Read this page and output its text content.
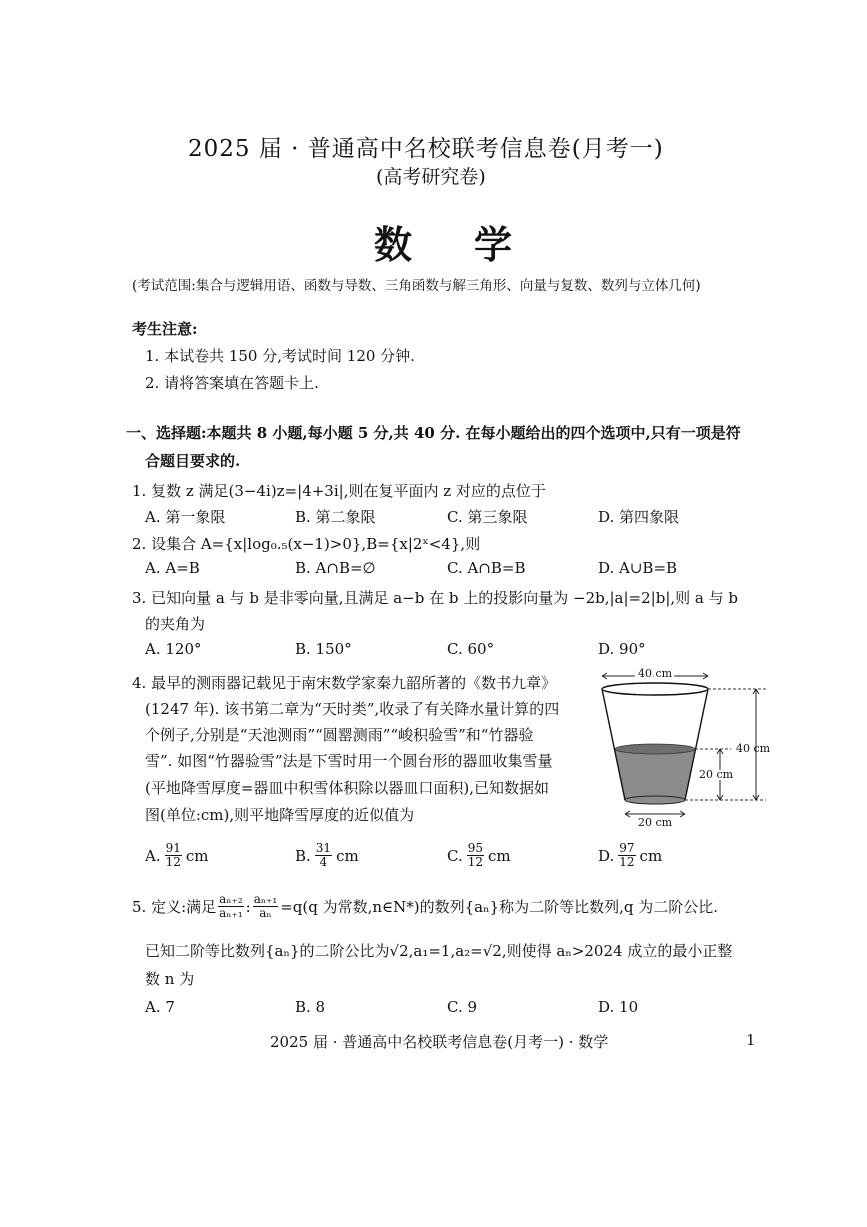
2025 届 · 普通高中名校联考信息卷(月考一)
(高考研究卷)
数学
(考试范围:集合与逻辑用语、函数与导数、三角函数与解三角形、向量与复数、数列与立体几何)
考生注意:
1. 本试卷共 150 分,考试时间 120 分钟.
2. 请将答案填在答题卡上.
一、选择题:本题共 8 小题,每小题 5 分,共 40 分. 在每小题给出的四个选项中,只有一项是符
合题目要求的.
1. 复数 z 满足(3−4i)z=|4+3i|,则在复平面内 z 对应的点位于
A. 第一象限	B. 第二象限	C. 第三象限	D. 第四象限
2. 设集合 A={x|log₀.₅(x−1)>0},B={x|2ˣ<4},则
A. A=B	B. A∩B=∅	C. A∩B=B	D. A∪B=B
3. 已知向量 a 与 b 是非零向量,且满足 a−b 在 b 上的投影向量为 −2b,|a|=2|b|,则 a 与 b
的夹角为
A. 120°	B. 150°	C. 60°	D. 90°
4. 最早的测雨器记载见于南宋数学家秦九韶所著的《数书九章》
(1247 年). 该书第二章为“天时类”,收录了有关降水量计算的四
个例子,分别是“天池测雨”“圆罂测雨”“峻积验雪”和“竹器验
雪”. 如图“竹器验雪”法是下雪时用一个圆台形的器皿收集雪量
(平地降雪厚度=器皿中积雪体积除以器皿口面积),已知数据如
图(单位:cm),则平地降雪厚度的近似值为
40 cm
40 cm
20 cm
20 cm
A. $\frac{91}{12}$ cm	B. $\frac{31}{4}$ cm	C. $\frac{95}{12}$ cm	D. $\frac{97}{12}$ cm
5. 定义:满足 $\frac{\text{aₙ₊₂}}{\text{aₙ₊₁}}$ : $\frac{\text{aₙ₊₁}}{\text{aₙ}} =q(q$ 为常数,n∈N*)的数列{aₙ}称为二阶等比数列,q 为二阶公比.
已知二阶等比数列{aₙ}的二阶公比为√2,a₁=1,a₂=√2,则使得 aₙ>2024 成立的最小正整
数 n 为
A. 7	B. 8	C. 9	D. 10
2025 届 · 普通高中名校联考信息卷(月考一) · 数学	1
